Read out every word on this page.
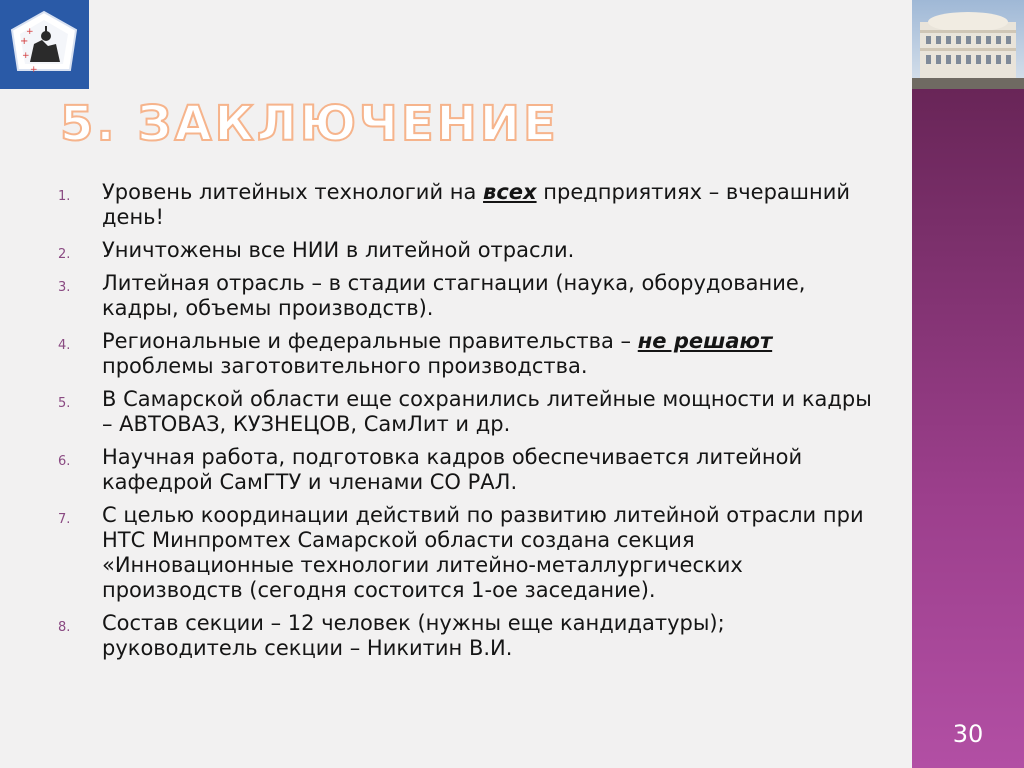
+
+
+
+
5. ЗАКЛЮЧЕНИЕ
1.	Уровень литейных технологий на всех предприятиях – вчерашний день!
2.	Уничтожены все НИИ в литейной отрасли.
3.	Литейная отрасль – в стадии стагнации (наука, оборудование, кадры, объемы производств).
4.	Региональные и федеральные правительства – не решают проблемы заготовительного производства.
5.	В Самарской области еще сохранились литейные мощности и кадры – АВТОВАЗ, КУЗНЕЦОВ, СамЛит и др.
6.	Научная работа, подготовка кадров обеспечивается литейной кафедрой СамГТУ и членами СО РАЛ.
7.	С целью координации действий по развитию литейной отрасли при НТС Минпромтех Самарской области создана секция «Инновационные технологии литейно-металлургических производств (сегодня состоится 1-ое заседание).
8.	Состав секции – 12 человек (нужны еще кандидатуры); руководитель секции – Никитин В.И.
30
